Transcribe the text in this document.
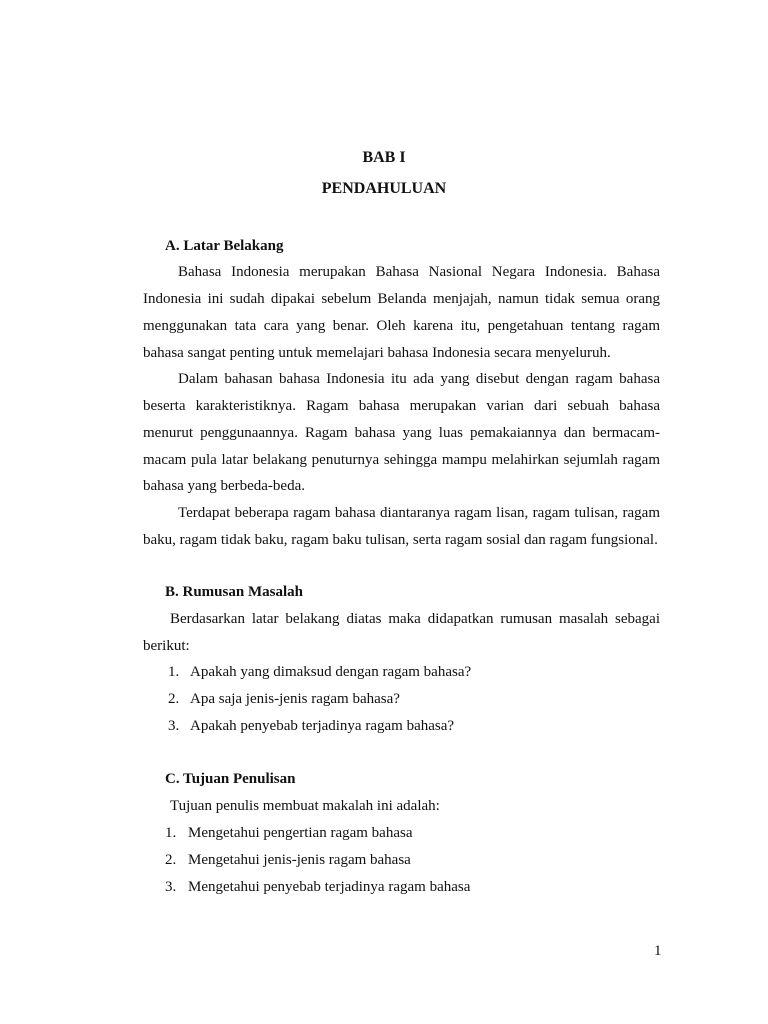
BAB I
PENDAHULUAN
A. Latar Belakang
Bahasa Indonesia merupakan Bahasa Nasional Negara Indonesia. Bahasa
Indonesia ini sudah dipakai sebelum Belanda menjajah, namun tidak semua orang
menggunakan tata cara yang benar. Oleh karena itu, pengetahuan tentang ragam
bahasa sangat penting untuk memelajari bahasa Indonesia secara menyeluruh.
Dalam bahasan bahasa Indonesia itu ada yang disebut dengan ragam bahasa
beserta karakteristiknya. Ragam bahasa merupakan varian dari sebuah bahasa
menurut penggunaannya. Ragam bahasa yang luas pemakaiannya dan bermacam-
macam pula latar belakang penuturnya sehingga mampu melahirkan sejumlah ragam
bahasa yang berbeda-beda.
Terdapat beberapa ragam bahasa diantaranya ragam lisan, ragam tulisan, ragam
baku, ragam tidak baku, ragam baku tulisan, serta ragam sosial dan ragam fungsional.
B. Rumusan Masalah
Berdasarkan latar belakang diatas maka didapatkan rumusan masalah sebagai
berikut:
1. Apakah yang dimaksud dengan ragam bahasa?
2. Apa saja jenis-jenis ragam bahasa?
3. Apakah penyebab terjadinya ragam bahasa?
C. Tujuan Penulisan
Tujuan penulis membuat makalah ini adalah:
1. Mengetahui pengertian ragam bahasa
2. Mengetahui jenis-jenis ragam bahasa
3. Mengetahui penyebab terjadinya ragam bahasa
1
